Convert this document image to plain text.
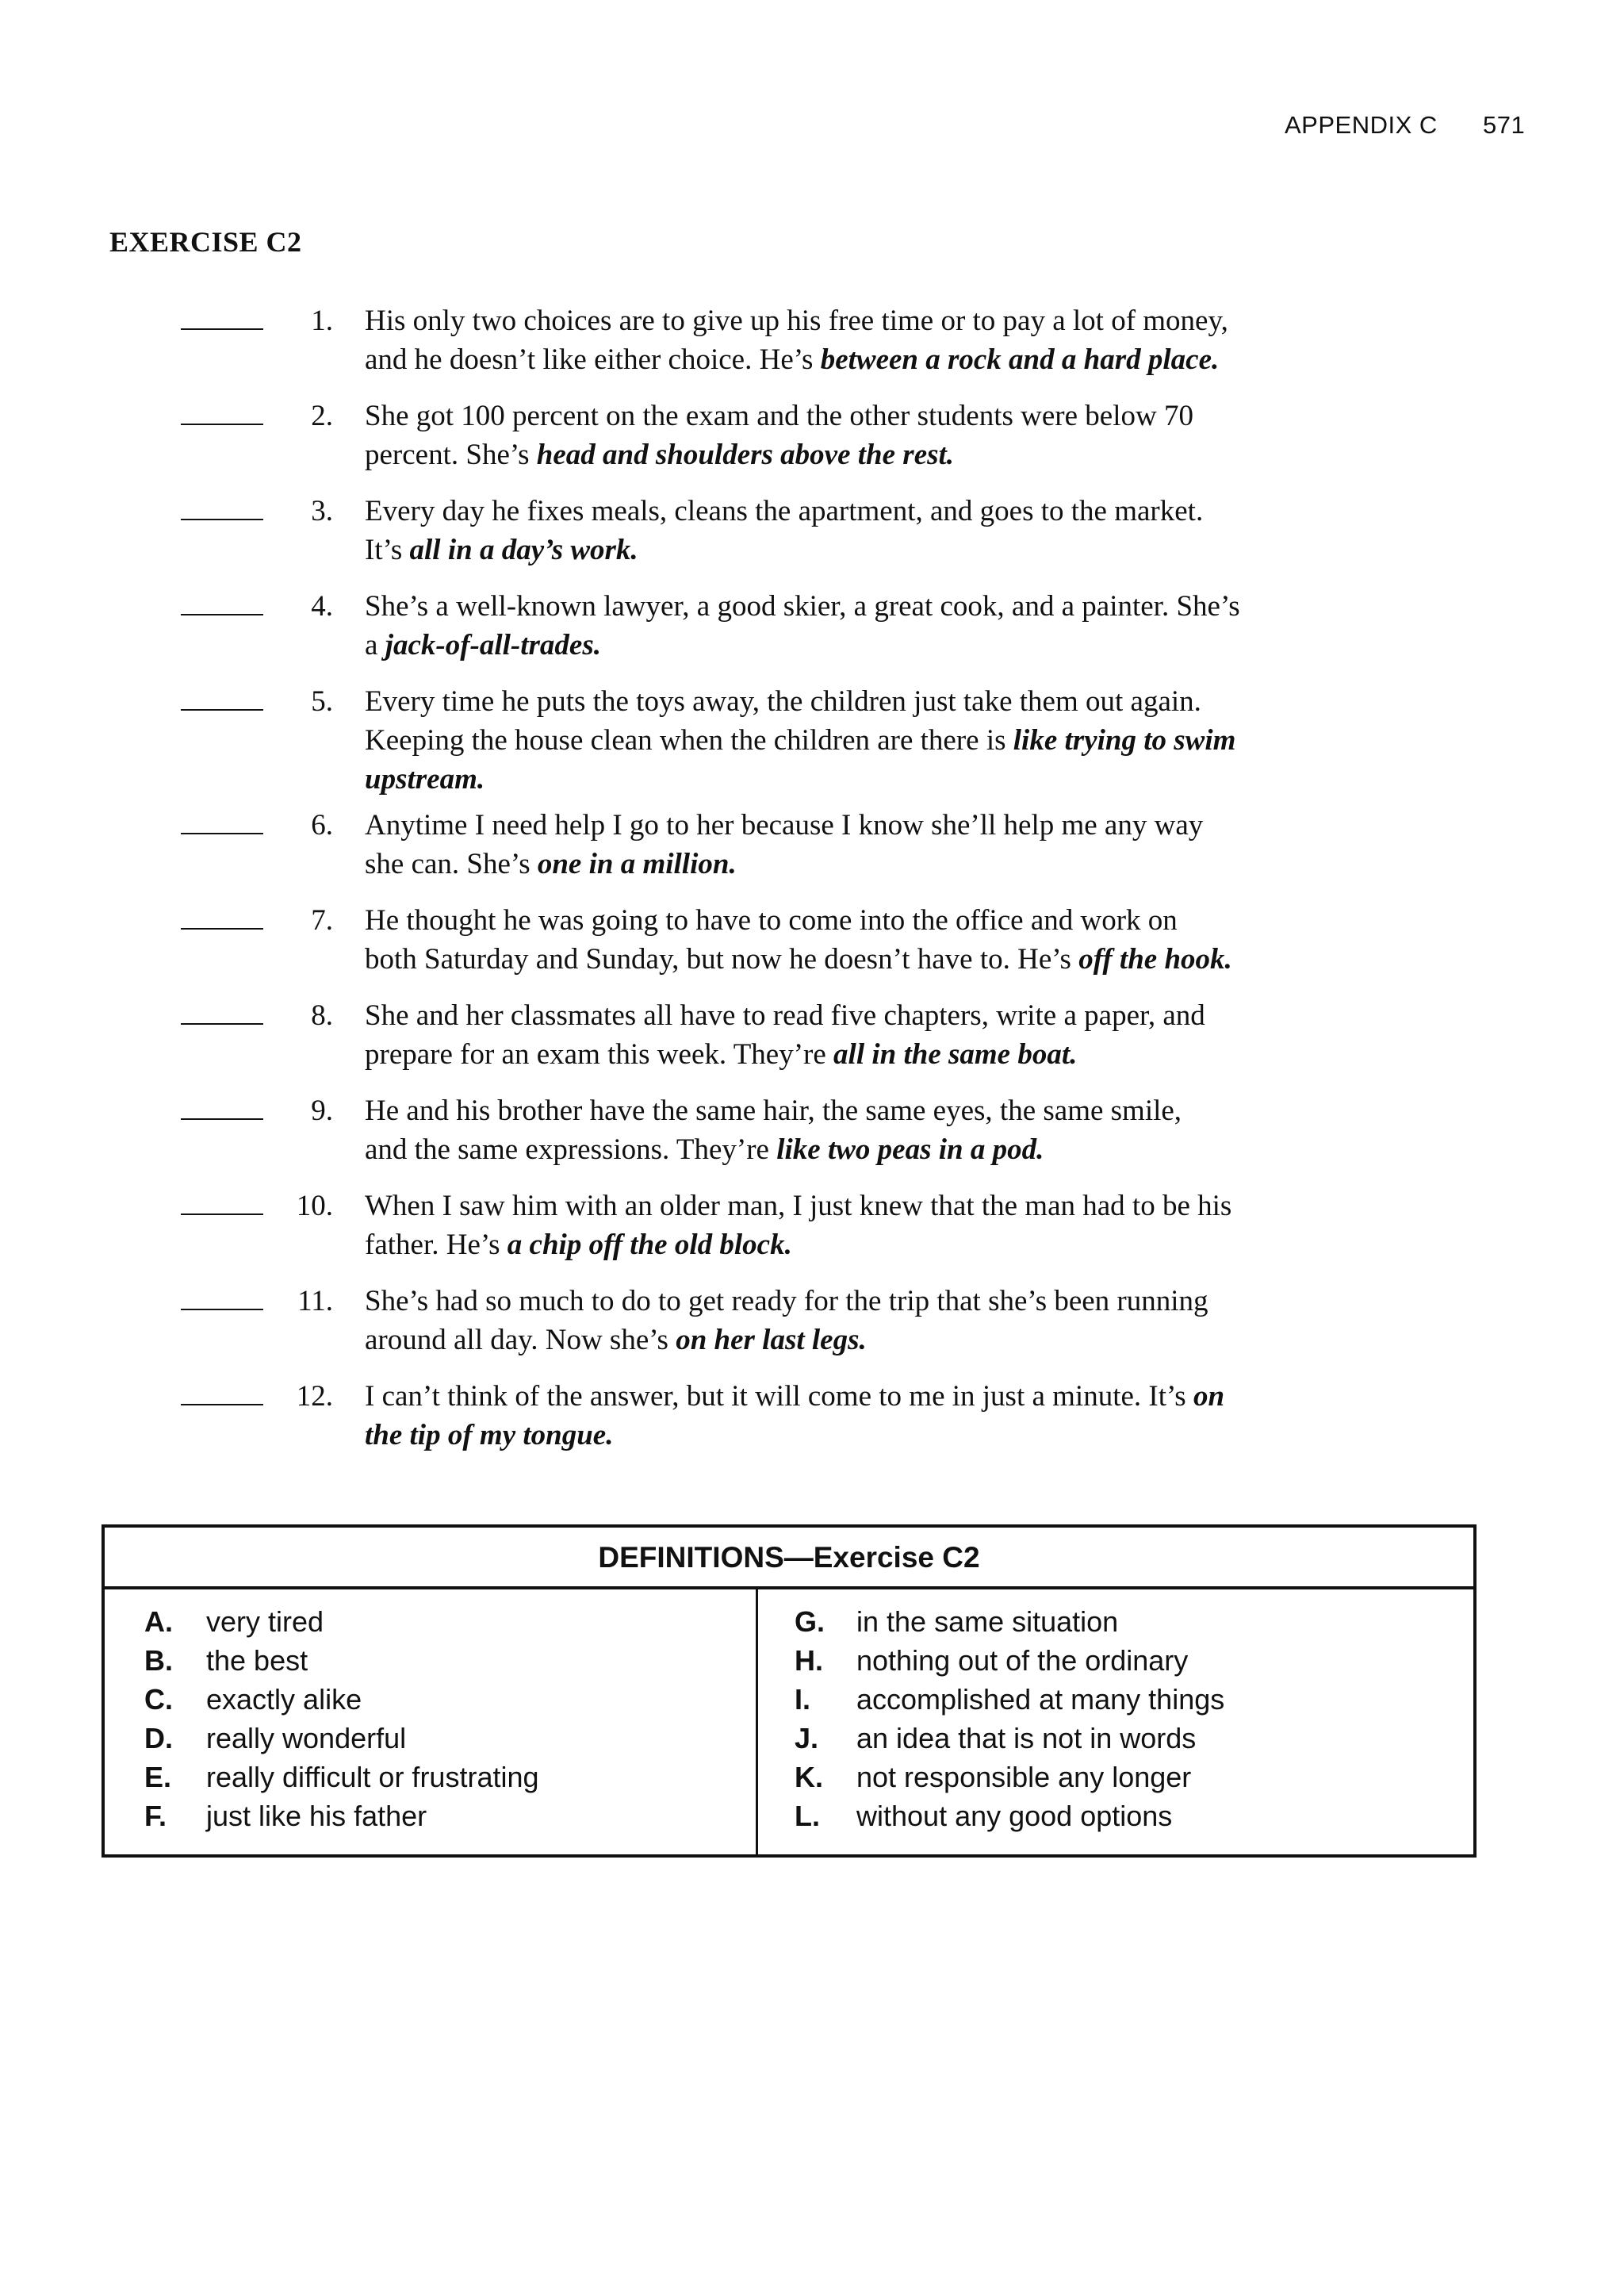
APPENDIX C 571
EXERCISE C2
1. His only two choices are to give up his free time or to pay a lot of money,
and he doesn’t like either choice. He’s between a rock and a hard place.
2. She got 100 percent on the exam and the other students were below 70
percent. She’s head and shoulders above the rest.
3. Every day he fixes meals, cleans the apartment, and goes to the market.
It’s all in a day’s work.
4. She’s a well-known lawyer, a good skier, a great cook, and a painter. She’s
a jack-of-all-trades.
5. Every time he puts the toys away, the children just take them out again.
Keeping the house clean when the children are there is like trying to swim
upstream.
6. Anytime I need help I go to her because I know she’ll help me any way
she can. She’s one in a million.
7. He thought he was going to have to come into the office and work on
both Saturday and Sunday, but now he doesn’t have to. He’s off the hook.
8. She and her classmates all have to read five chapters, write a paper, and
prepare for an exam this week. They’re all in the same boat.
9. He and his brother have the same hair, the same eyes, the same smile,
and the same expressions. They’re like two peas in a pod.
10. When I saw him with an older man, I just knew that the man had to be his
father. He’s a chip off the old block.
11. She’s had so much to do to get ready for the trip that she’s been running
around all day. Now she’s on her last legs.
12. I can’t think of the answer, but it will come to me in just a minute. It’s on
the tip of my tongue.
DEFINITIONS—Exercise C2
A. very tired
B. the best
C. exactly alike
D. really wonderful
E. really difficult or frustrating
F. just like his father
G. in the same situation
H. nothing out of the ordinary
I. accomplished at many things
J. an idea that is not in words
K. not responsible any longer
L. without any good options
